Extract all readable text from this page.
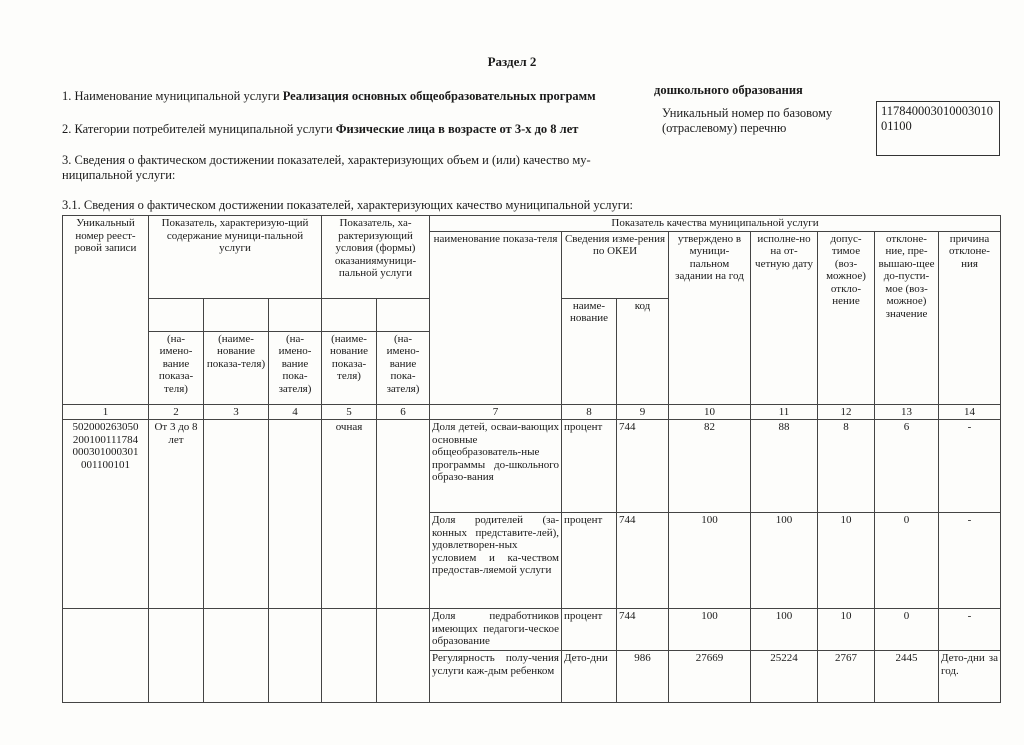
Раздел 2
1. Наименование муниципальной услуги Реализация основных общеобразовательных программ	дошкольного образования
2. Категории потребителей муниципальной услуги Физические лица в возрасте от 3-х до 8 лет
Уникальный номер по базовому
(отраслевому) перечню
11784000301000301001100
3. Сведения о фактическом достижении показателей, характеризующих объем и (или) качество му-
ниципальной услуги:
3.1. Сведения о фактическом достижении показателей, характеризующих качество муниципальной услуги:
Уникальный номер реест-ровой записи	Показатель, характеризую-щий содержание муници-пальной услуги			Показатель, ха-рактеризующий условия (формы) оказаниямуници-пальной услуги		Показатель качества муниципальной услуги							
						наименование показа-теля	Сведения изме-рения по ОКЕИ		утверждено в муници-пальном задании на год	исполне-но на от-четную дату	допус-тимое (воз-можное) откло-нение	отклоне-ние, пре-вышаю-щее до-пусти-мое (воз-можное) значение	причина отклоне-ния
							наиме-нование	код					
	(на-имено-вание показа-теля)	(наиме-нование показа-теля)	(на-имено-вание пока-зателя)	(наиме-нование показа-теля)	(на-имено-вание пока-зателя)								
1	2	3	4	5	6	7	8	9	10	11	12	13	14
502000263050 200100111784 000301000301 001100101	От 3 до 8 лет			очная		Доля детей, осваи-вающих основные общеобразователь-ные программы до-школьного образо-вания	процент	744	82	88	8	6	-
						Доля родителей (за-конных представите-лей), удовлетворен-ных условием и ка-чеством предостав-ляемой услуги	процент	744	100	100	10	0	-
						Доля педработников имеющих педагоги-ческое образование	процент	744	100	100	10	0	-
						Регулярность полу-чения услуги каж-дым ребенком	Дето-дни	986	27669	25224	2767	2445	Дето-дни за год.
